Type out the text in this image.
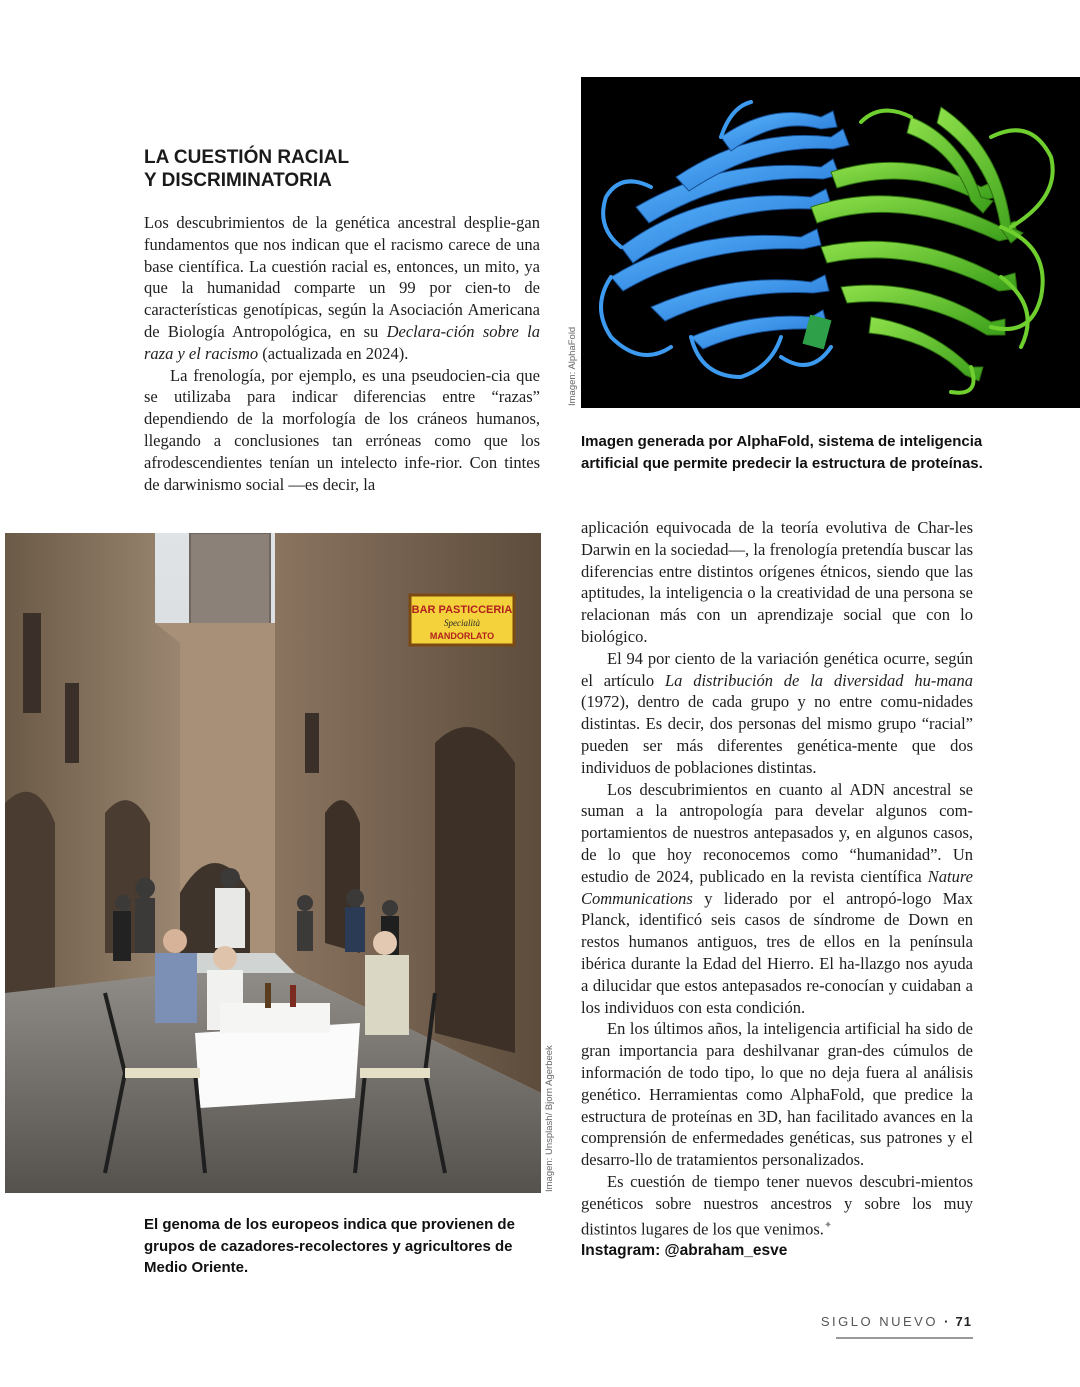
LA CUESTIÓN RACIAL
Y DISCRIMINATORIA

Los descubrimientos de la genética ancestral desplie-gan fundamentos que nos indican que el racismo carece de una base científica. La cuestión racial es, entonces, un mito, ya que la humanidad comparte un 99 por cien-to de características genotípicas, según la Asociación Americana de Biología Antropológica, en su Declara-ción sobre la raza y el racismo (actualizada en 2024).

La frenología, por ejemplo, es una pseudocien-cia que se utilizaba para indicar diferencias entre “razas” dependiendo de la morfología de los cráneos humanos, llegando a conclusiones tan erróneas como que los afrodescendientes tenían un intelecto infe-rior. Con tintes de darwinismo social —es decir, la

Imagen: AlphaFold
Imagen generada por AlphaFold, sistema de inteligencia artificial que permite predecir la estructura de proteínas.
BAR PASTICCERIA
Specialità
MANDORLATO
Imagen: Unsplash/ Bjorn Agerbeek
El genoma de los europeos indica que provienen de grupos de cazadores-recolectores y agricultores de Medio Oriente.

aplicación equivocada de la teoría evolutiva de Char-les Darwin en la sociedad—, la frenología pretendía buscar las diferencias entre distintos orígenes étnicos, siendo que las aptitudes, la inteligencia o la creatividad de una persona se relacionan más con un aprendizaje social que con lo biológico.

El 94 por ciento de la variación genética ocurre, según el artículo La distribución de la diversidad hu-mana (1972), dentro de cada grupo y no entre comu-nidades distintas. Es decir, dos personas del mismo grupo “racial” pueden ser más diferentes genética-mente que dos individuos de poblaciones distintas.

Los descubrimientos en cuanto al ADN ancestral se suman a la antropología para develar algunos com-portamientos de nuestros antepasados y, en algunos casos, de lo que hoy reconocemos como “humanidad”. Un estudio de 2024, publicado en la revista científica Nature Communications y liderado por el antropó-logo Max Planck, identificó seis casos de síndrome de Down en restos humanos antiguos, tres de ellos en la península ibérica durante la Edad del Hierro. El ha-llazgo nos ayuda a dilucidar que estos antepasados re-conocían y cuidaban a los individuos con esta condición.

En los últimos años, la inteligencia artificial ha sido de gran importancia para deshilvanar gran-des cúmulos de información de todo tipo, lo que no deja fuera al análisis genético. Herramientas como AlphaFold, que predice la estructura de proteínas en 3D, han facilitado avances en la comprensión de enfermedades genéticas, sus patrones y el desarro-llo de tratamientos personalizados.

Es cuestión de tiempo tener nuevos descubri-mientos genéticos sobre nuestros ancestros y sobre los muy distintos lugares de los que venimos.✦

Instagram: @abraham_esve
SIGLO NUEVO · 71
